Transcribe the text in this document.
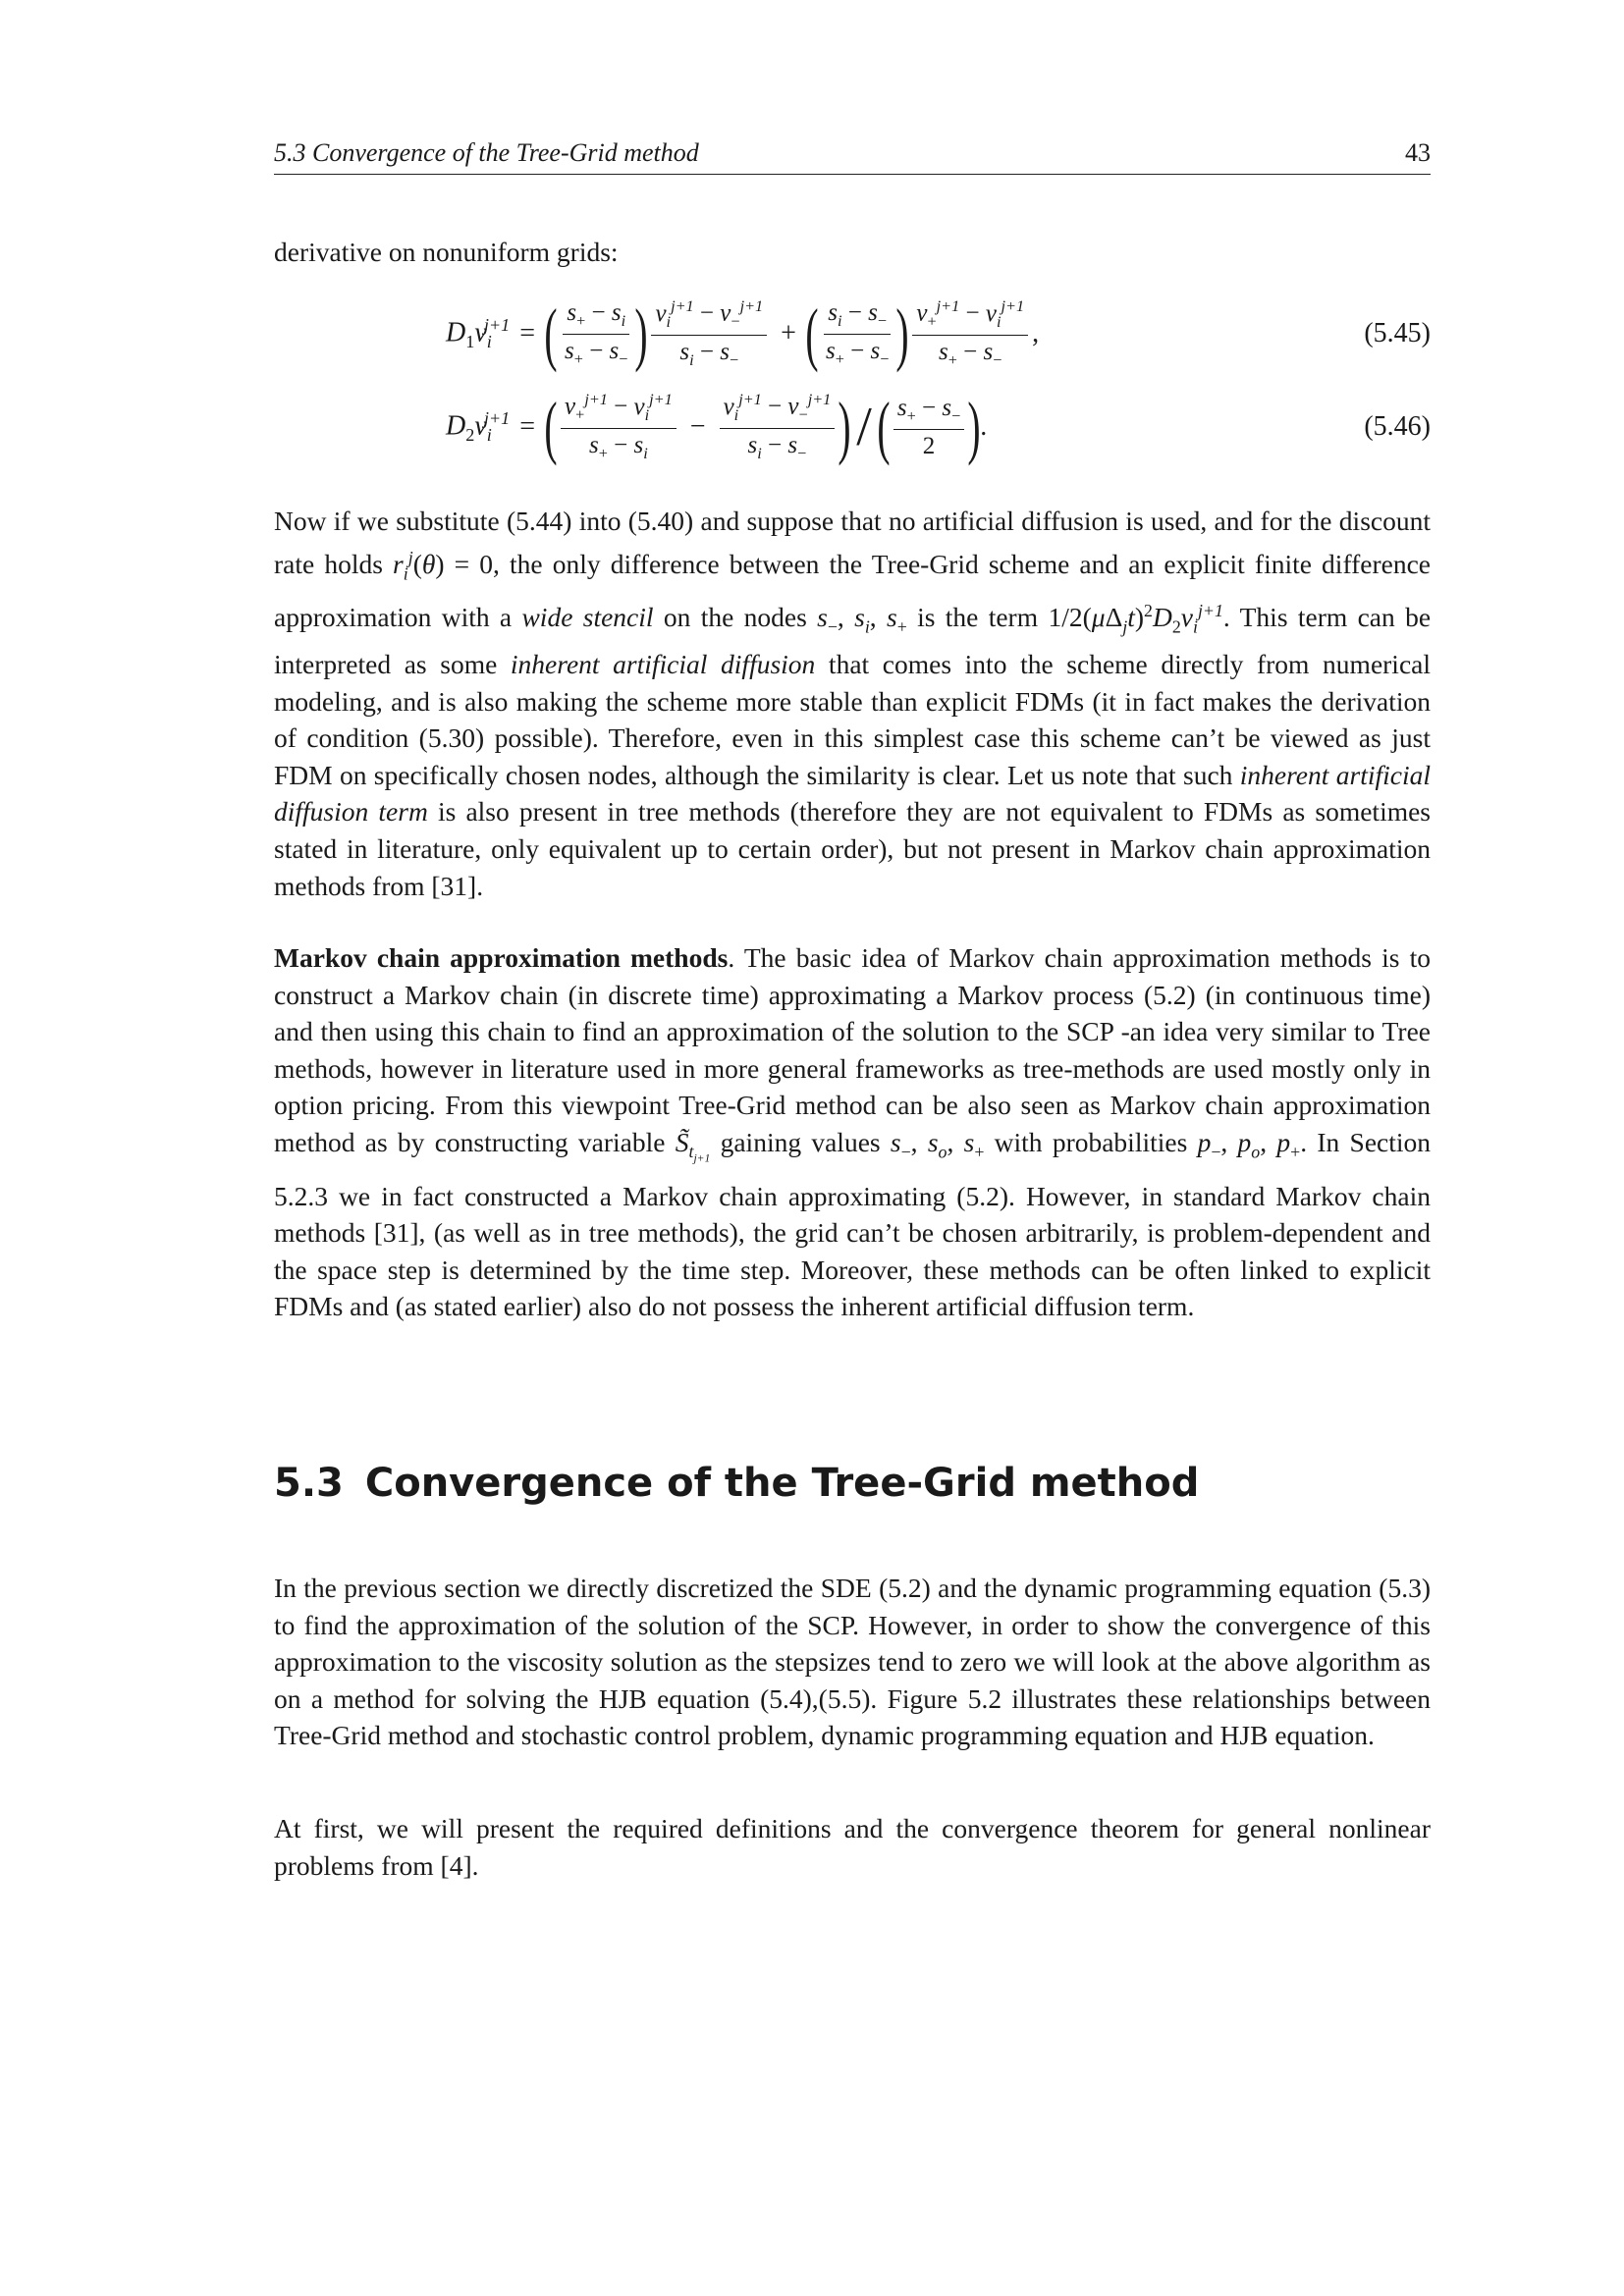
5.3 Convergence of the Tree-Grid method	43

derivative on nonuniform grids:

$D_1v_i^{j+1}$ = ( $\frac{s_+ - s_i}{s_+ - s_-}$ ) $\frac{v_i^{j+1} - v_-^{j+1}}{s_i - s_-}$ + ( $\frac{s_i - s_-}{s_+ - s_-}$ ) $\frac{v_+^{j+1} - v_i^{j+1}}{s_+ - s_-}$ ,	(5.45)
$D_2v_i^{j+1}$ = ( $\frac{v_+^{j+1} - v_i^{j+1}}{s_+ - s_i} - \frac{v_i^{j+1} - v_-^{j+1}}{s_i - s_-}$ ) / ( $\frac{s_+ - s_-}{2}$ ) .	(5.46)

Now if we substitute (5.44) into (5.40) and suppose that no artificial diffusion is used, and for the discount rate holds $r_i^j(\theta) = 0$, the only difference between the Tree-Grid scheme and an explicit finite difference approximation with a wide stencil on the nodes $s_-$, $s_i$, $s_+$ is the term $1/2(\mu\Delta_jt)^2D_2v_i^{j+1}$. This term can be interpreted as some inherent artificial diffusion that comes into the scheme directly from numerical modeling, and is also making the scheme more stable than explicit FDMs (it in fact makes the derivation of condition (5.30) possible). Therefore, even in this simplest case this scheme can’t be viewed as just FDM on specifically chosen nodes, although the similarity is clear. Let us note that such inherent artificial diffusion term is also present in tree methods (therefore they are not equivalent to FDMs as sometimes stated in literature, only equivalent up to certain order), but not present in Markov chain approximation methods from [31].

Markov chain approximation methods. The basic idea of Markov chain approximation methods is to construct a Markov chain (in discrete time) approximating a Markov process (5.2) (in continuous time) and then using this chain to find an approximation of the solution to the SCP -an idea very similar to Tree methods, however in literature used in more general frameworks as tree-methods are used mostly only in option pricing. From this viewpoint Tree-Grid method can be also seen as Markov chain approximation method as by constructing variable $S̃_{t_{j+1}}$ gaining values $s_-$, $s_o$, $s_+$ with probabilities $p_-$, $p_o$, $p_+$. In Section 5.2.3 we in fact constructed a Markov chain approximating (5.2). However, in standard Markov chain methods [31], (as well as in tree methods), the grid can’t be chosen arbitrarily, is problem-dependent and the space step is determined by the time step. Moreover, these methods can be often linked to explicit FDMs and (as stated earlier) also do not possess the inherent artificial diffusion term.

5.3 Convergence of the Tree-Grid method

In the previous section we directly discretized the SDE (5.2) and the dynamic programming equation (5.3) to find the approximation of the solution of the SCP. However, in order to show the convergence of this approximation to the viscosity solution as the stepsizes tend to zero we will look at the above algorithm as on a method for solving the HJB equation (5.4),(5.5). Figure 5.2 illustrates these relationships between Tree-Grid method and stochastic control problem, dynamic programming equation and HJB equation.

At first, we will present the required definitions and the convergence theorem for general nonlinear problems from [4].
